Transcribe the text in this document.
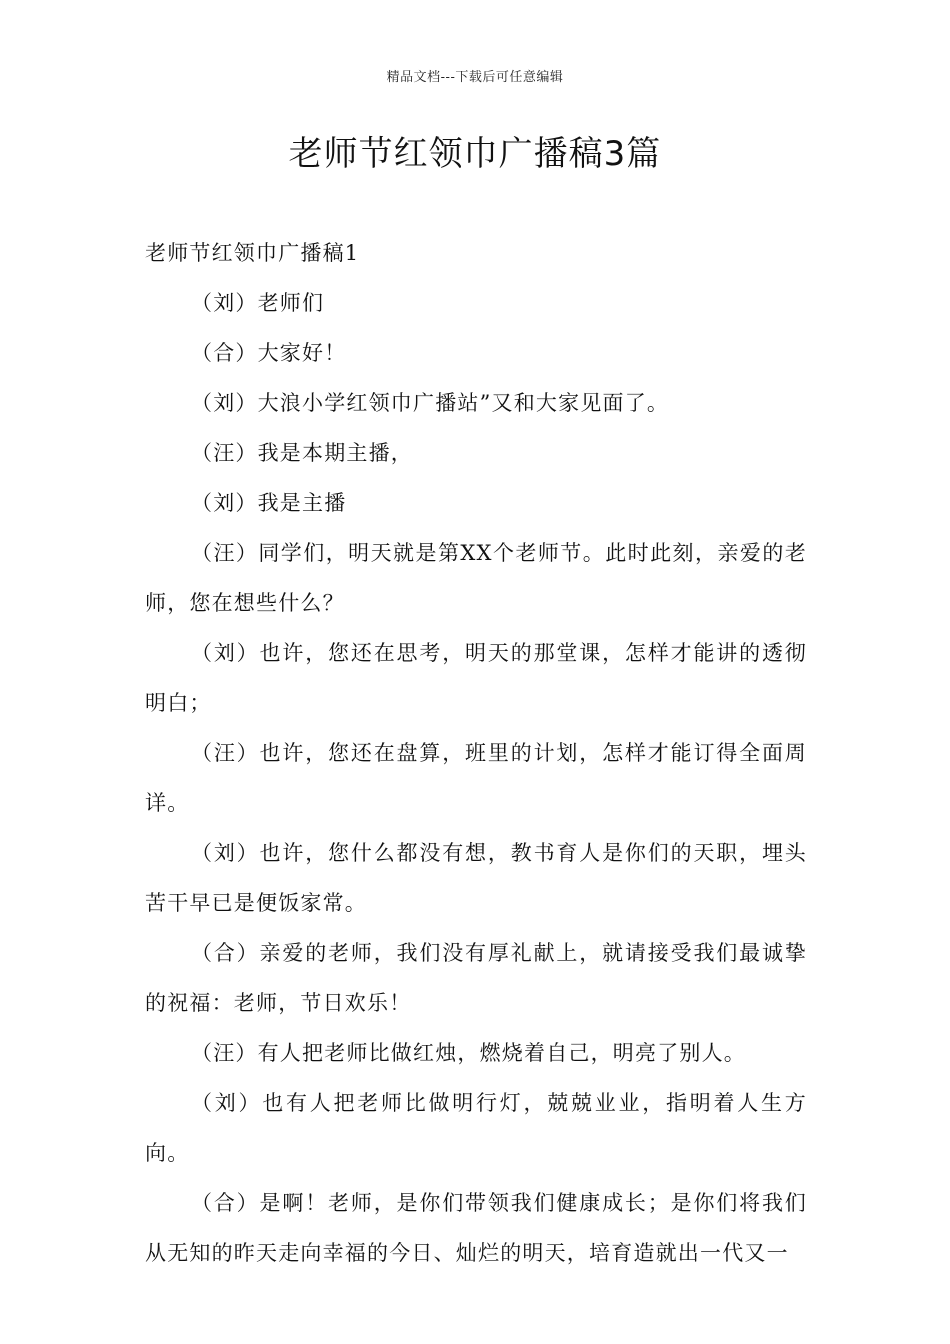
精品文档---下载后可任意编辑
老师节红领巾广播稿3篇

老师节红领巾广播稿1

（刘）老师们

（合）大家好！

（刘）大浪小学红领巾广播站”又和大家见面了。

（汪）我是本期主播，

（刘）我是主播

（汪）同学们，明天就是第XX个老师节。此时此刻，亲爱的老师，您在想些什么？

（刘）也许，您还在思考，明天的那堂课，怎样才能讲的透彻明白；

（汪）也许，您还在盘算，班里的计划，怎样才能订得全面周详。

（刘）也许，您什么都没有想，教书育人是你们的天职，埋头苦干早已是便饭家常。

（合）亲爱的老师，我们没有厚礼献上，就请接受我们最诚挚的祝福：老师，节日欢乐！

（汪）有人把老师比做红烛，燃烧着自己，明亮了别人。

（刘）也有人把老师比做明行灯，兢兢业业，指明着人生方向。

（合）是啊！老师，是你们带领我们健康成长；是你们将我们从无知的昨天走向幸福的今日、灿烂的明天，培育造就出一代又一
